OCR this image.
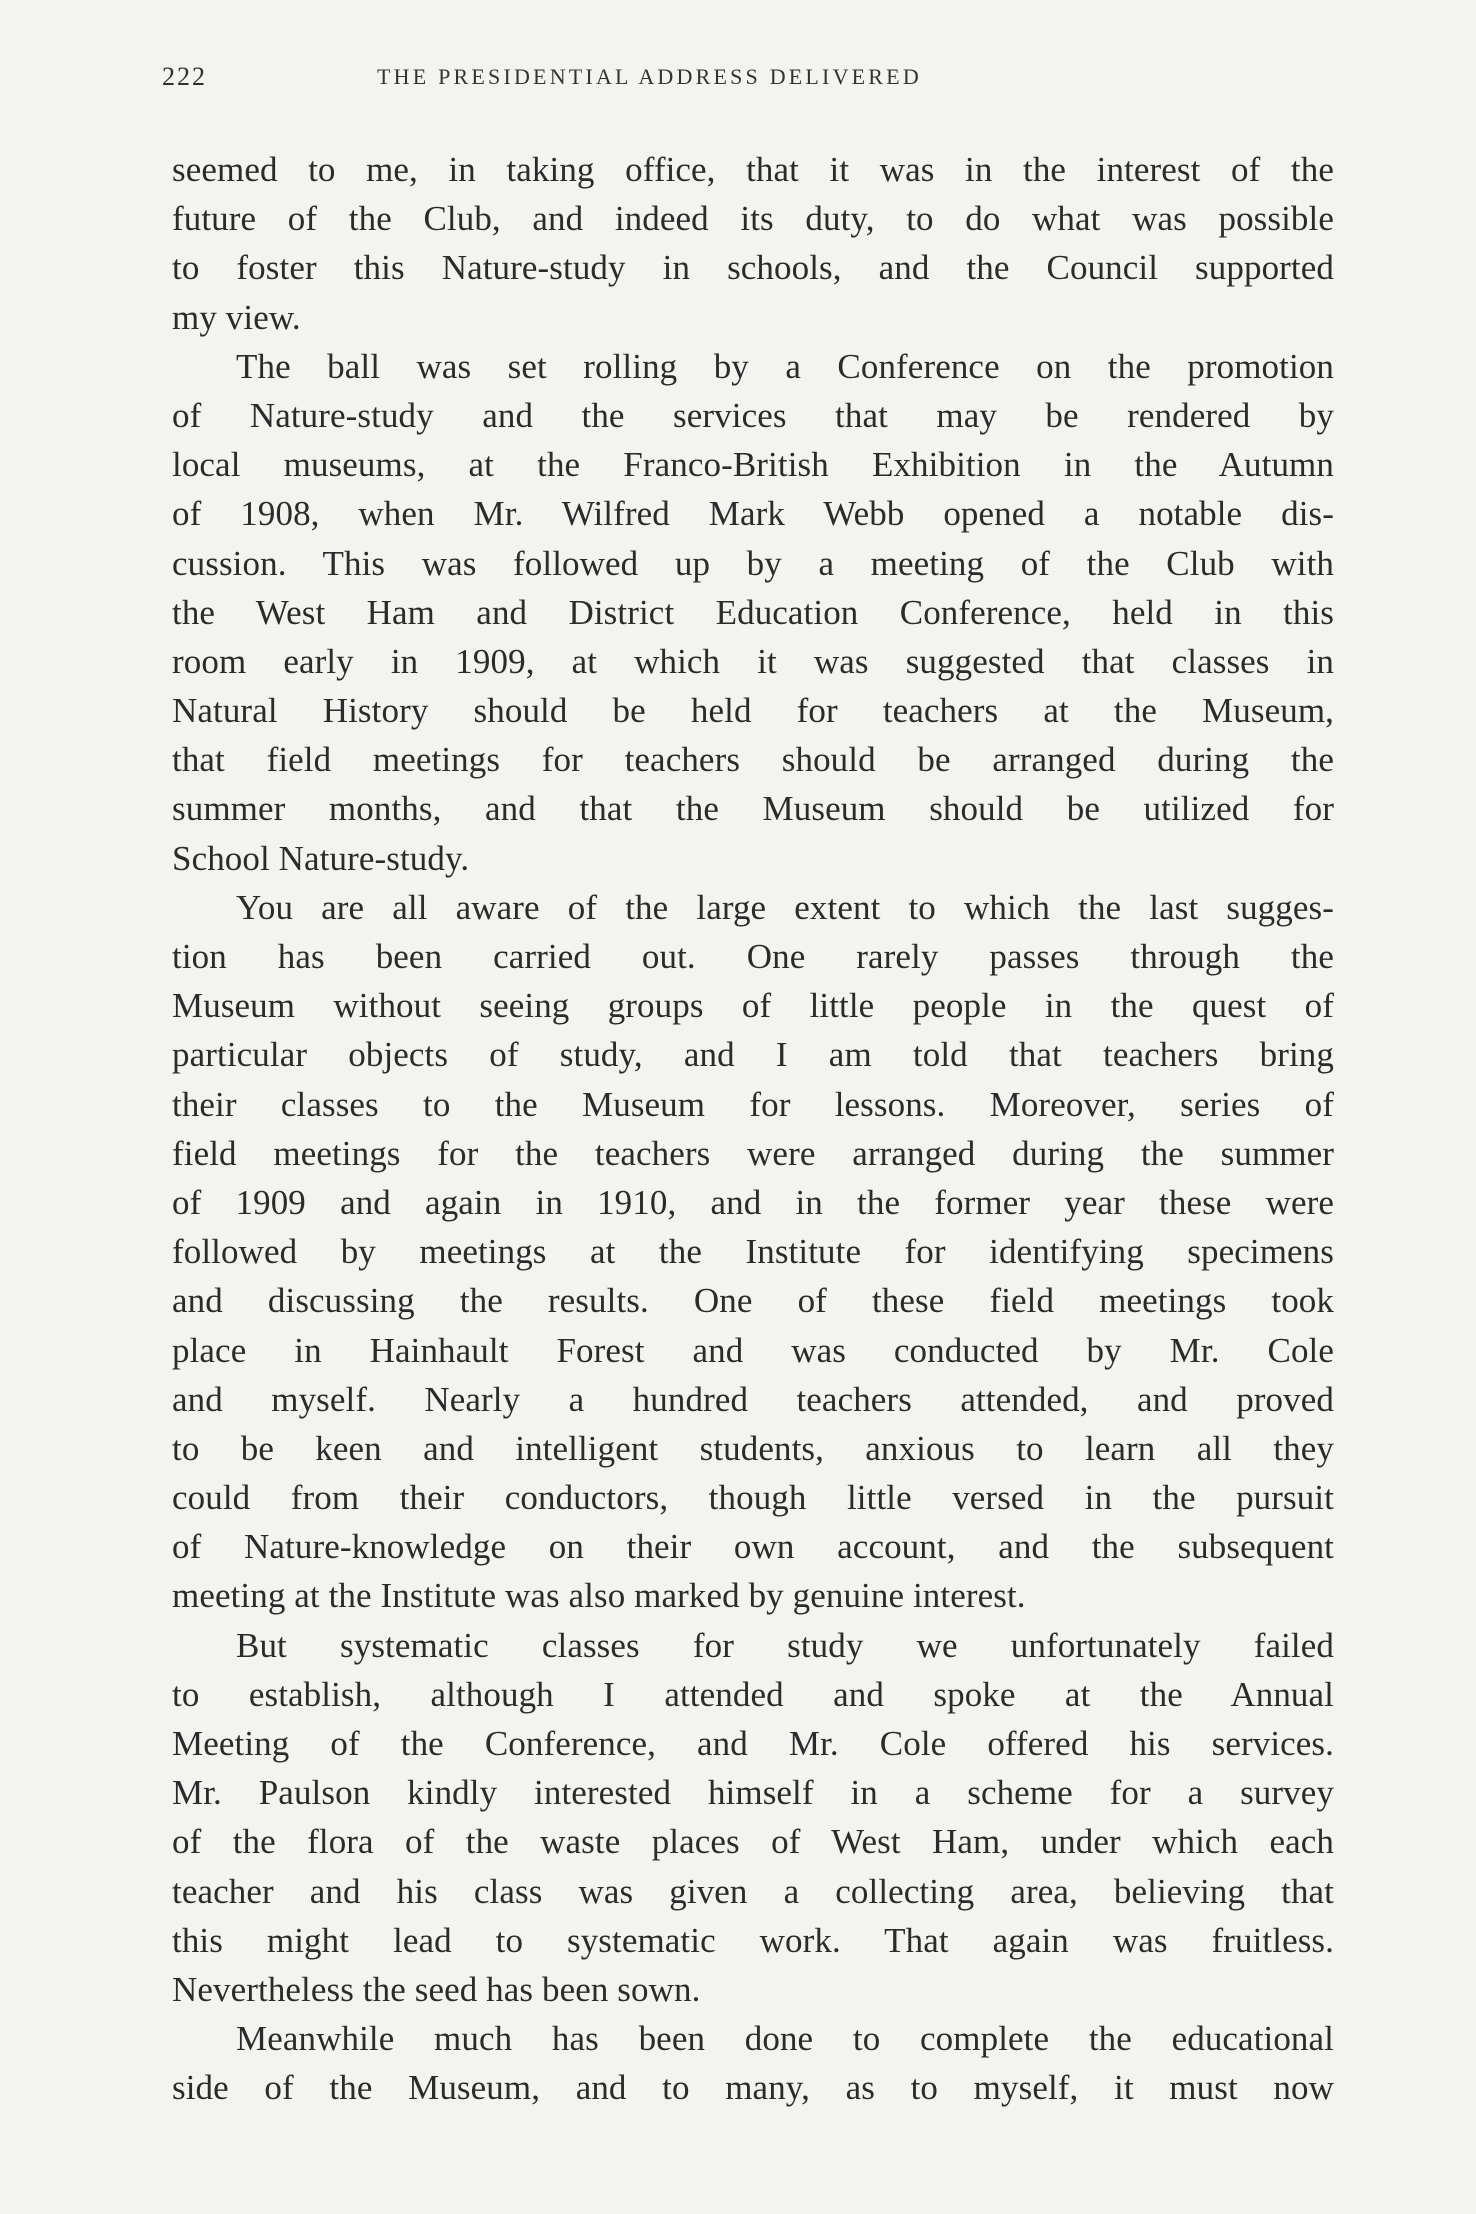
222	THE PRESIDENTIAL ADDRESS DELIVERED
seemed to me, in taking office, that it was in the interest of the
future of the Club, and indeed its duty, to do what was possible
to foster this Nature-study in schools, and the Council supported
my view.
The ball was set rolling by a Conference on the promotion
of Nature-study and the services that may be rendered by
local museums, at the Franco-British Exhibition in the Autumn
of 1908, when Mr. Wilfred Mark Webb opened a notable dis-
cussion. This was followed up by a meeting of the Club with
the West Ham and District Education Conference, held in this
room early in 1909, at which it was suggested that classes in
Natural History should be held for teachers at the Museum,
that field meetings for teachers should be arranged during the
summer months, and that the Museum should be utilized for
School Nature-study.
You are all aware of the large extent to which the last sugges-
tion has been carried out. One rarely passes through the
Museum without seeing groups of little people in the quest of
particular objects of study, and I am told that teachers bring
their classes to the Museum for lessons. Moreover, series of
field meetings for the teachers were arranged during the summer
of 1909 and again in 1910, and in the former year these were
followed by meetings at the Institute for identifying specimens
and discussing the results. One of these field meetings took
place in Hainhault Forest and was conducted by Mr. Cole
and myself. Nearly a hundred teachers attended, and proved
to be keen and intelligent students, anxious to learn all they
could from their conductors, though little versed in the pursuit
of Nature-knowledge on their own account, and the subsequent
meeting at the Institute was also marked by genuine interest.
But systematic classes for study we unfortunately failed
to establish, although I attended and spoke at the Annual
Meeting of the Conference, and Mr. Cole offered his services.
Mr. Paulson kindly interested himself in a scheme for a survey
of the flora of the waste places of West Ham, under which each
teacher and his class was given a collecting area, believing that
this might lead to systematic work. That again was fruitless.
Nevertheless the seed has been sown.
Meanwhile much has been done to complete the educational
side of the Museum, and to many, as to myself, it must now
